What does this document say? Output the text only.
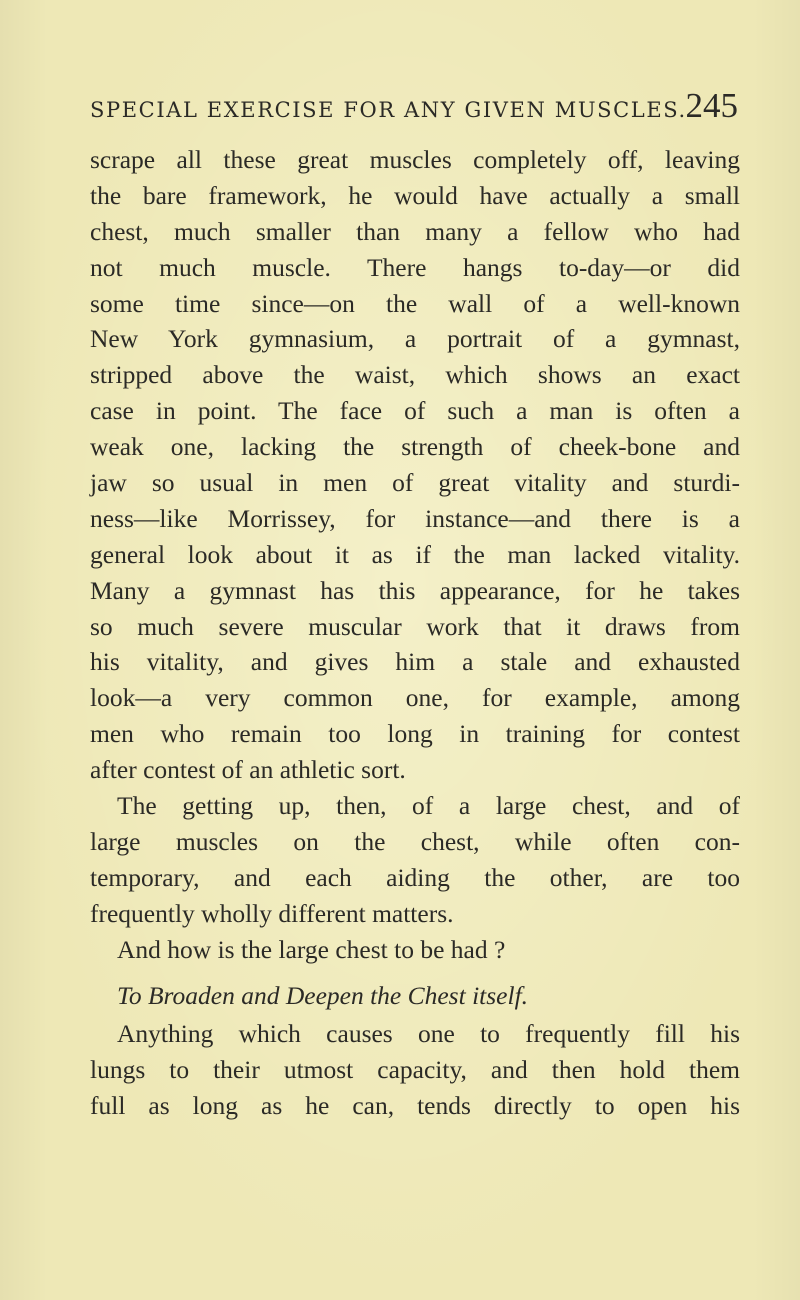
SPECIAL EXERCISE FOR ANY GIVEN MUSCLES.
245
scrape all these great muscles completely off, leaving
the bare framework, he would have actually a small
chest, much smaller than many a fellow who had
not much muscle. There hangs to-day—or did
some time since—on the wall of a well-known
New York gymnasium, a portrait of a gymnast,
stripped above the waist, which shows an exact
case in point. The face of such a man is often a
weak one, lacking the strength of cheek-bone and
jaw so usual in men of great vitality and sturdi-
ness—like Morrissey, for instance—and there is a
general look about it as if the man lacked vitality.
Many a gymnast has this appearance, for he takes
so much severe muscular work that it draws from
his vitality, and gives him a stale and exhausted
look—a very common one, for example, among
men who remain too long in training for contest
after contest of an athletic sort.
The getting up, then, of a large chest, and of
large muscles on the chest, while often con-
temporary, and each aiding the other, are too
frequently wholly different matters.
And how is the large chest to be had ?
To Broaden and Deepen the Chest itself.
Anything which causes one to frequently fill his
lungs to their utmost capacity, and then hold them
full as long as he can, tends directly to open his
